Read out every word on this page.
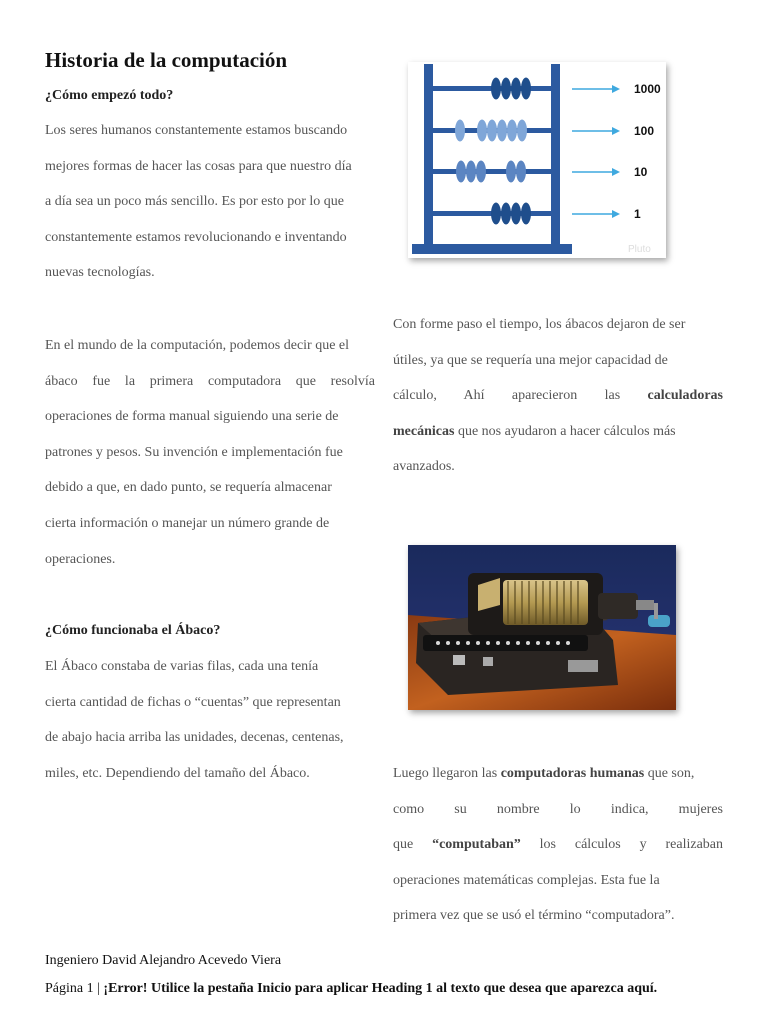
Historia de la computación
¿Cómo empezó todo?
Los seres humanos constantemente estamos buscando
mejores formas de hacer las cosas para que nuestro día
a día sea un poco más sencillo. Es por esto por lo que
constantemente estamos revolucionando e inventando
nuevas tecnologías.
En el mundo de la computación, podemos decir que el
ábaco fue la primera computadora que resolvía
operaciones de forma manual siguiendo una serie de
patrones y pesos. Su invención e implementación fue
debido a que, en dado punto, se requería almacenar
cierta información o manejar un número grande de
operaciones.
¿Cómo funcionaba el Ábaco?
El Ábaco constaba de varias filas, cada una tenía
cierta cantidad de fichas o “cuentas” que representan
de abajo hacia arriba las unidades, decenas, centenas,
miles, etc. Dependiendo del tamaño del Ábaco.
1000
100
10
1
Pluto
Con forme paso el tiempo, los ábacos dejaron de ser
útiles, ya que se requería una mejor capacidad de
cálculo, Ahí aparecieron las calculadoras
mecánicas que nos ayudaron a hacer cálculos más
avanzados.
Luego llegaron las computadoras humanas que son,
como su nombre lo indica, mujeres
que “computaban” los cálculos y realizaban
operaciones matemáticas complejas. Esta fue la
primera vez que se usó el término “computadora”.
Ingeniero David Alejandro Acevedo Viera
Página 1 | ¡Error! Utilice la pestaña Inicio para aplicar Heading 1 al texto que desea que aparezca aquí.
